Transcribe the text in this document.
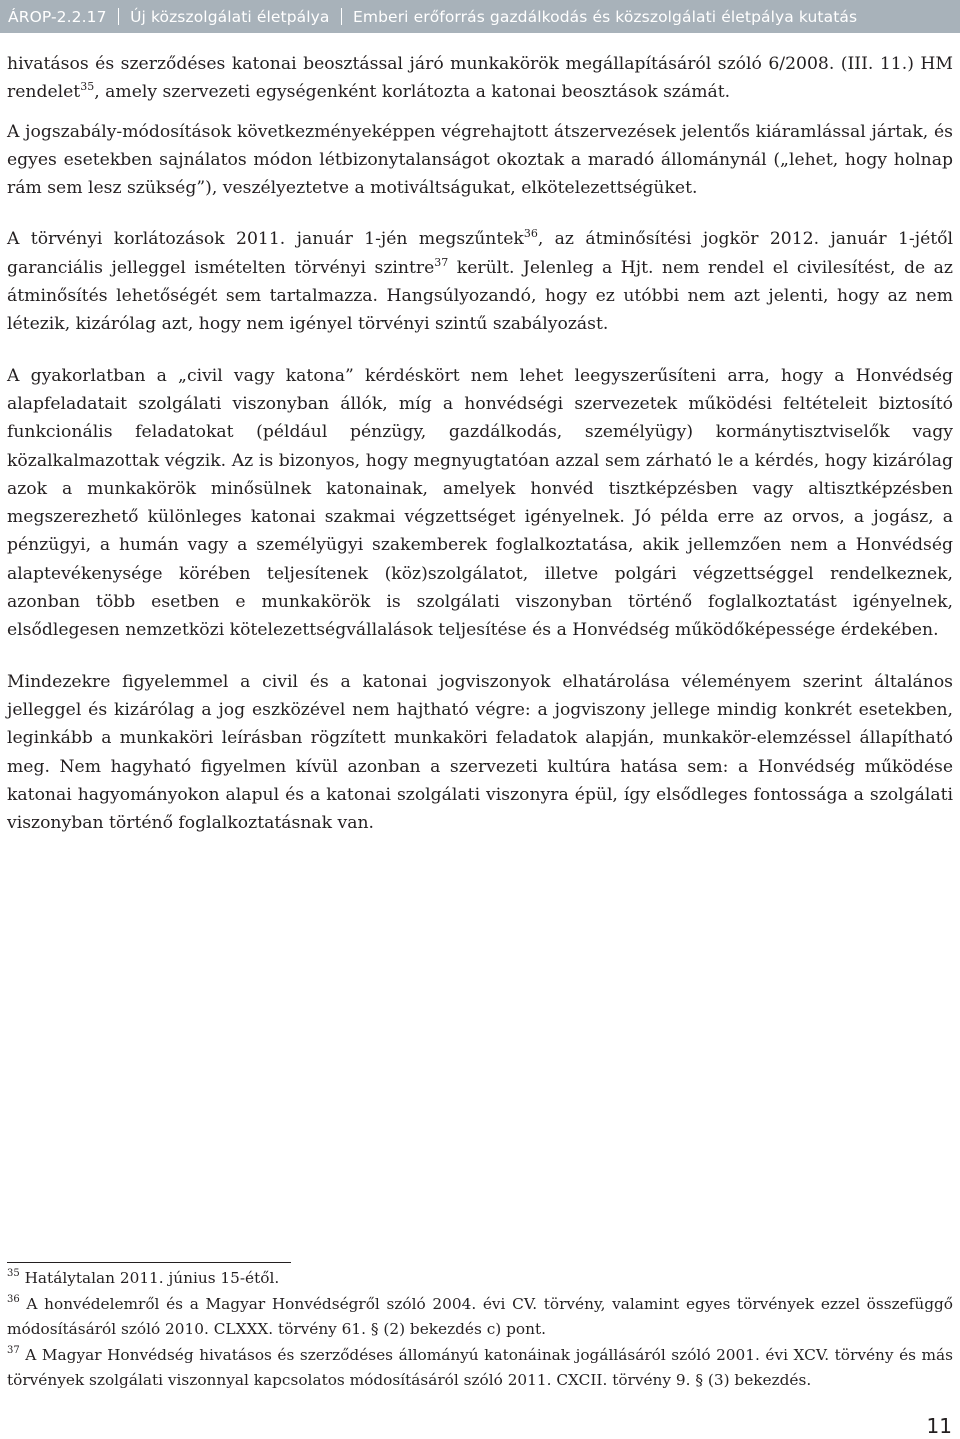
ÁROP-2.2.17 Új közszolgálati életpálya Emberi erőforrás gazdálkodás és közszolgálati életpálya kutatás

hivatásos és szerződéses katonai beosztással járó munkakörök megállapításáról szóló 6/2008. (III. 11.) HM rendelet$^{35}$, amely szervezeti egységenként korlátozta a katonai beosztások számát.

A jogszabály-módosítások következményeképpen végrehajtott átszervezések jelentős kiáramlással jártak, és egyes esetekben sajnálatos módon létbizonytalanságot okoztak a maradó állománynál („lehet, hogy holnap rám sem lesz szükség”), veszélyeztetve a motiváltságukat, elkötelezettségüket.

A törvényi korlátozások 2011. január 1-jén megszűntek$^{36}$, az átminősítési jogkör 2012. január 1-jétől garanciális jelleggel ismételten törvényi szintre$^{37}$ került. Jelenleg a Hjt. nem rendel el civilesítést, de az átminősítés lehetőségét sem tartalmazza. Hangsúlyozandó, hogy ez utóbbi nem azt jelenti, hogy az nem létezik, kizárólag azt, hogy nem igényel törvényi szintű szabályozást.

A gyakorlatban a „civil vagy katona” kérdéskört nem lehet leegyszerűsíteni arra, hogy a Honvédség alapfeladatait szolgálati viszonyban állók, míg a honvédségi szervezetek működési feltételeit biztosító funkcionális feladatokat (például pénzügy, gazdálkodás, személyügy) kormánytisztviselők vagy közalkalmazottak végzik. Az is bizonyos, hogy megnyugtatóan azzal sem zárható le a kérdés, hogy kizárólag azok a munkakörök minősülnek katonainak, amelyek honvéd tisztképzésben vagy altisztképzésben megszerezhető különleges katonai szakmai végzettséget igényelnek. Jó példa erre az orvos, a jogász, a pénzügyi, a humán vagy a személyügyi szakemberek foglalkoztatása, akik jellemzően nem a Honvédség alaptevékenysége körében teljesítenek (köz)szolgálatot, illetve polgári végzettséggel rendelkeznek, azonban több esetben e munkakörök is szolgálati viszonyban történő foglalkoztatást igényelnek, elsődlegesen nemzetközi kötelezettségvállalások teljesítése és a Honvédség működőképessége érdekében.

Mindezekre figyelemmel a civil és a katonai jogviszonyok elhatárolása véleményem szerint általános jelleggel és kizárólag a jog eszközével nem hajtható végre: a jogviszony jellege mindig konkrét esetekben, leginkább a munkaköri leírásban rögzített munkaköri feladatok alapján, munkakör-elemzéssel állapítható meg. Nem hagyható figyelmen kívül azonban a szervezeti kultúra hatása sem: a Honvédség működése katonai hagyományokon alapul és a katonai szolgálati viszonyra épül, így elsődleges fontossága a szolgálati viszonyban történő foglalkoztatásnak van.

$^{35}$ Hatálytalan 2011. június 15-étől.

$^{36}$ A honvédelemről és a Magyar Honvédségről szóló 2004. évi CV. törvény, valamint egyes törvények ezzel összefüggő módosításáról szóló 2010. CLXXX. törvény 61. § (2) bekezdés c) pont.

$^{37}$ A Magyar Honvédség hivatásos és szerződéses állományú katonáinak jogállásáról szóló 2001. évi XCV. törvény és más törvények szolgálati viszonnyal kapcsolatos módosításáról szóló 2011. CXCII. törvény 9. § (3) bekezdés.

11
